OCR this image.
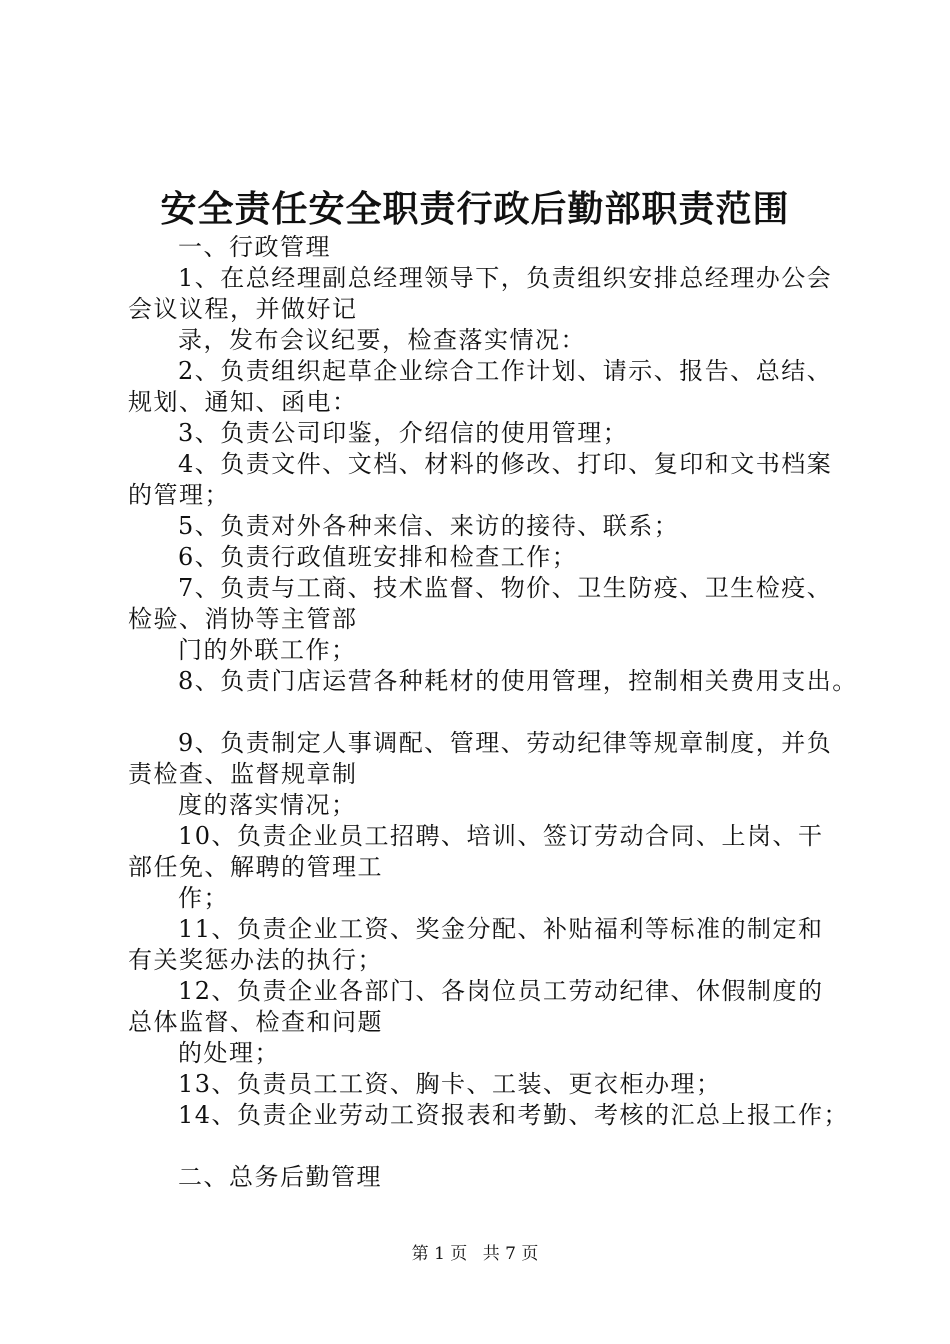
安全责任安全职责行政后勤部职责范围
一、行政管理
1、在总经理副总经理领导下，负责组织安排总经理办公会
会议议程，并做好记
录，发布会议纪要，检查落实情况：
2、负责组织起草企业综合工作计划、请示、报告、总结、
规划、通知、函电：
3、负责公司印鉴，介绍信的使用管理；
4、负责文件、文档、材料的修改、打印、复印和文书档案
的管理；
5、负责对外各种来信、来访的接待、联系；
6、负责行政值班安排和检查工作；
7、负责与工商、技术监督、物价、卫生防疫、卫生检疫、
检验、消协等主管部
门的外联工作；
8、负责门店运营各种耗材的使用管理，控制相关费用支出。
9、负责制定人事调配、管理、劳动纪律等规章制度，并负
责检查、监督规章制
度的落实情况；
10、负责企业员工招聘、培训、签订劳动合同、上岗、干
部任免、解聘的管理工
作；
11、负责企业工资、奖金分配、补贴福利等标准的制定和
有关奖惩办法的执行；
12、负责企业各部门、各岗位员工劳动纪律、休假制度的
总体监督、检查和问题
的处理；
13、负责员工工资、胸卡、工装、更衣柜办理；
14、负责企业劳动工资报表和考勤、考核的汇总上报工作；
二、总务后勤管理
第 1 页 共 7 页
